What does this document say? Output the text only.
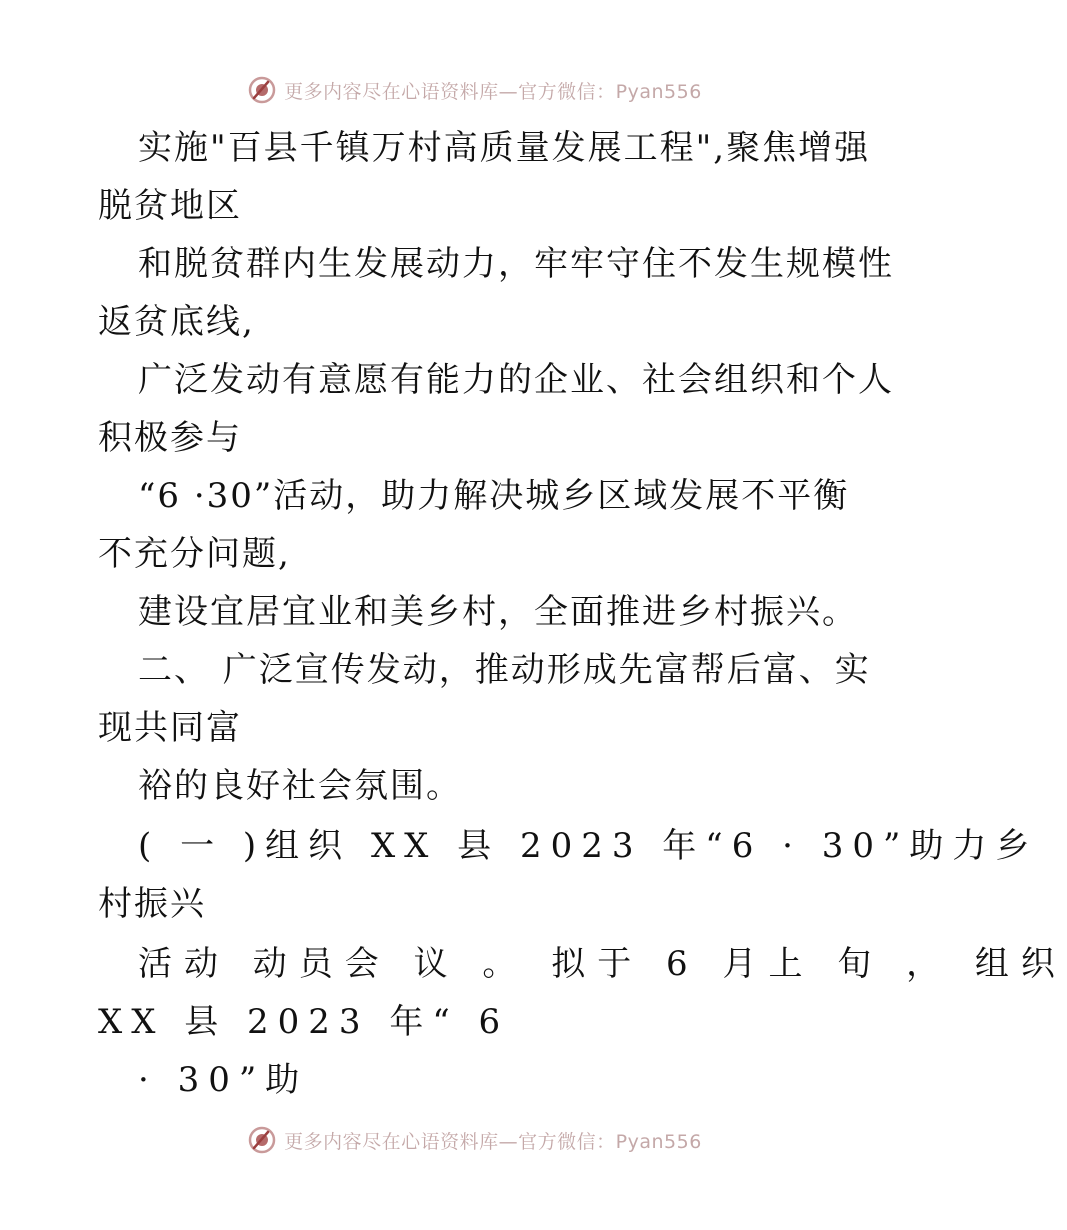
更多内容尽在心语资料库—官方微信：Pyan556
实施"百县千镇万村高质量发展工程",聚焦增强
脱贫地区
和脱贫群内生发展动力，牢牢守住不发生规模性
返贫底线,
广泛发动有意愿有能力的企业、社会组织和个人
积极参与
“6 ·30”活动，助力解决城乡区域发展不平衡
不充分问题,
建设宜居宜业和美乡村，全面推进乡村振兴。
二、 广泛宣传发动，推动形成先富帮后富、实
现共同富
裕的良好社会氛围。
( 一 )组织 XX 县 2023 年“6 · 30”助力乡
村振兴
活动 动员会 议 。 拟于 6 月上 旬 ， 组织
XX 县 2023 年“ 6
· 30”助
更多内容尽在心语资料库—官方微信：Pyan556
